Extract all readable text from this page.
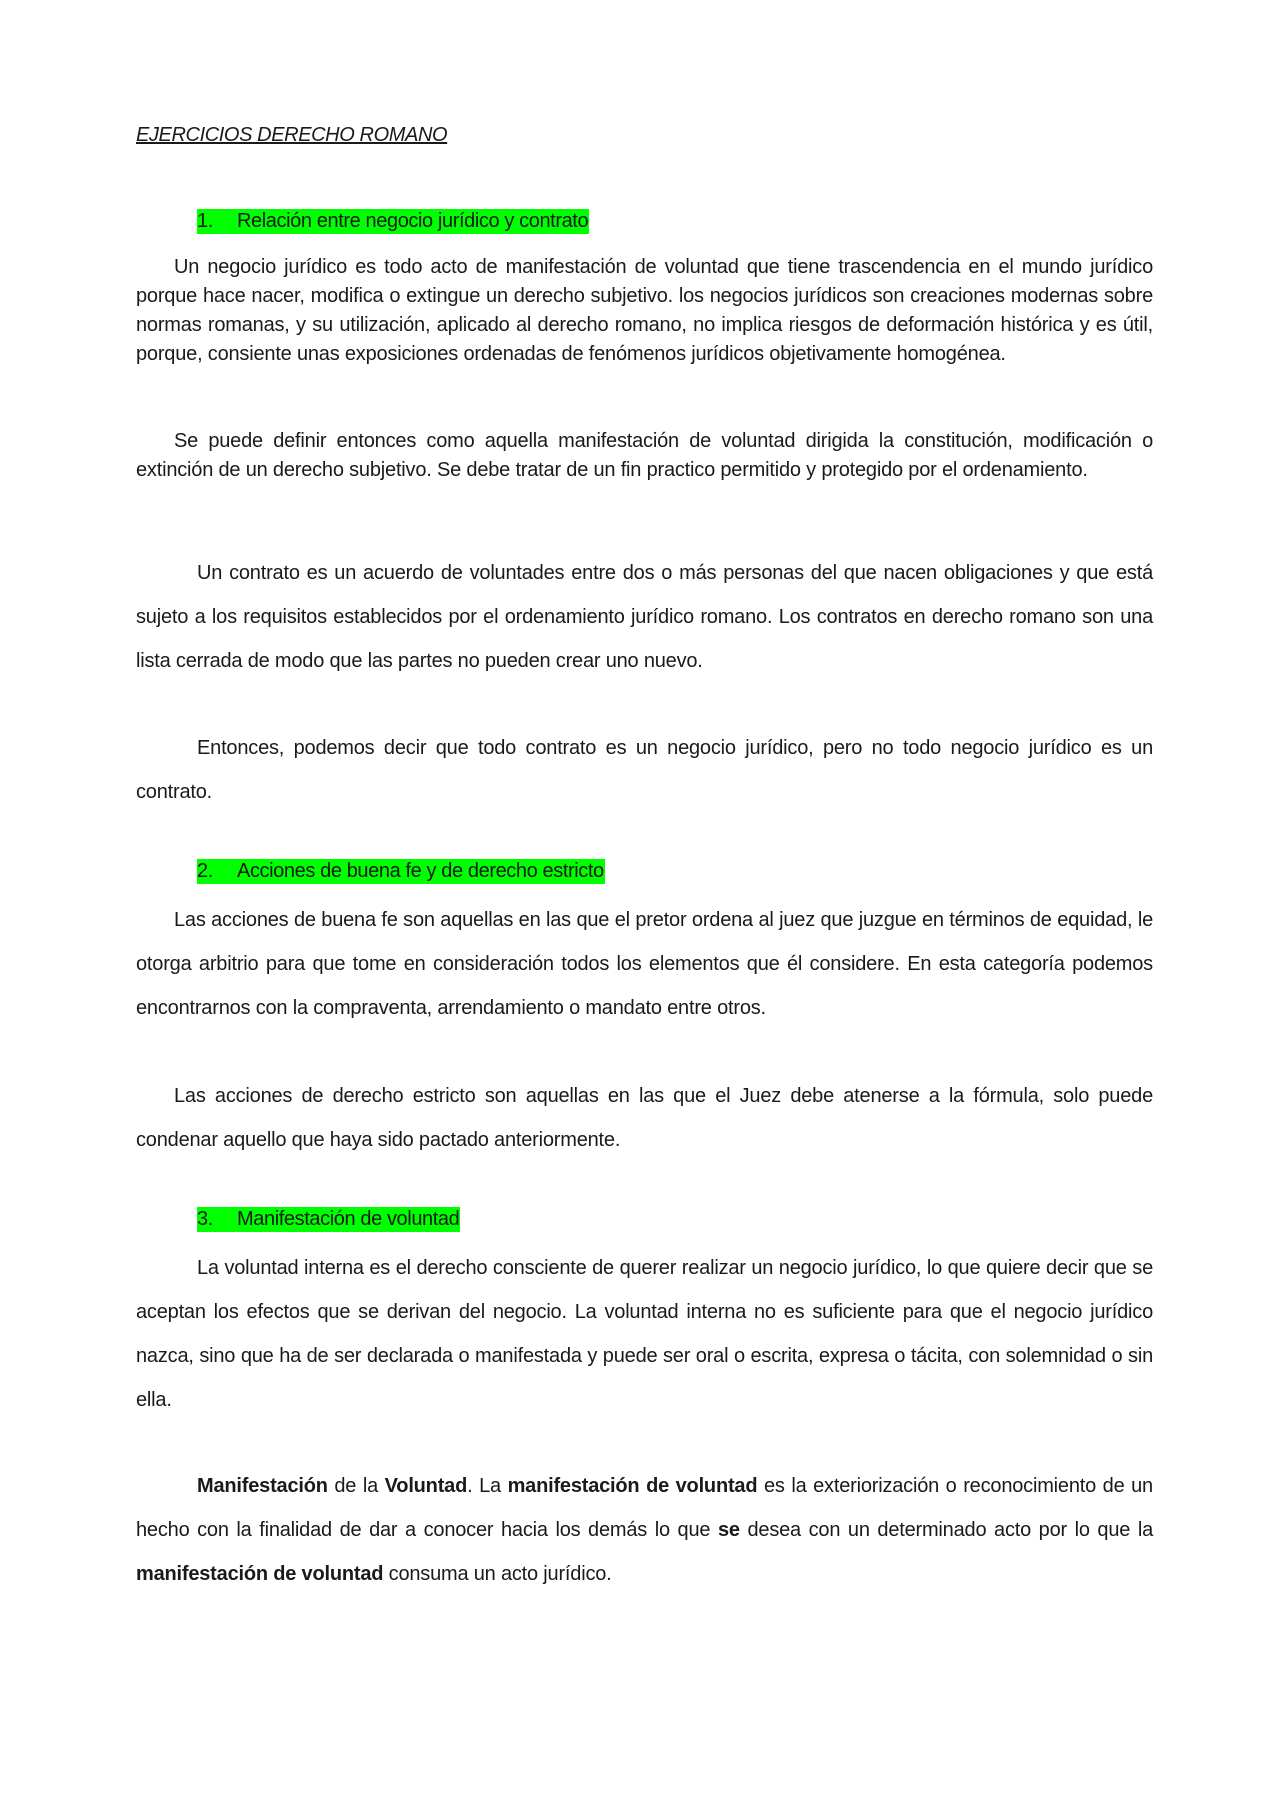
EJERCICIOS DERECHO ROMANO
1. Relación entre negocio jurídico y contrato

Un negocio jurídico es todo acto de manifestación de voluntad que tiene trascendencia en el mundo jurídico porque hace nacer, modifica o extingue un derecho subjetivo. los negocios jurídicos son creaciones modernas sobre normas romanas, y su utilización, aplicado al derecho romano, no implica riesgos de deformación histórica y es útil, porque, consiente unas exposiciones ordenadas de fenómenos jurídicos objetivamente homogénea.

Se puede definir entonces como aquella manifestación de voluntad dirigida la constitución, modificación o extinción de un derecho subjetivo. Se debe tratar de un fin practico permitido y protegido por el ordenamiento.

Un contrato es un acuerdo de voluntades entre dos o más personas del que nacen obligaciones y que está sujeto a los requisitos establecidos por el ordenamiento jurídico romano. Los contratos en derecho romano son una lista cerrada de modo que las partes no pueden crear uno nuevo.

Entonces, podemos decir que todo contrato es un negocio jurídico, pero no todo negocio jurídico es un contrato.

2. Acciones de buena fe y de derecho estricto

Las acciones de buena fe son aquellas en las que el pretor ordena al juez que juzgue en términos de equidad, le otorga arbitrio para que tome en consideración todos los elementos que él considere. En esta categoría podemos encontrarnos con la compraventa, arrendamiento o mandato entre otros.

Las acciones de derecho estricto son aquellas en las que el Juez debe atenerse a la fórmula, solo puede condenar aquello que haya sido pactado anteriormente.

3. Manifestación de voluntad

La voluntad interna es el derecho consciente de querer realizar un negocio jurídico, lo que quiere decir que se aceptan los efectos que se derivan del negocio. La voluntad interna no es suficiente para que el negocio jurídico nazca, sino que ha de ser declarada o manifestada y puede ser oral o escrita, expresa o tácita, con solemnidad o sin ella.

Manifestación de la Voluntad. La manifestación de voluntad es la exteriorización o reconocimiento de un hecho con la finalidad de dar a conocer hacia los demás lo que se desea con un determinado acto por lo que la manifestación de voluntad consuma un acto jurídico.
